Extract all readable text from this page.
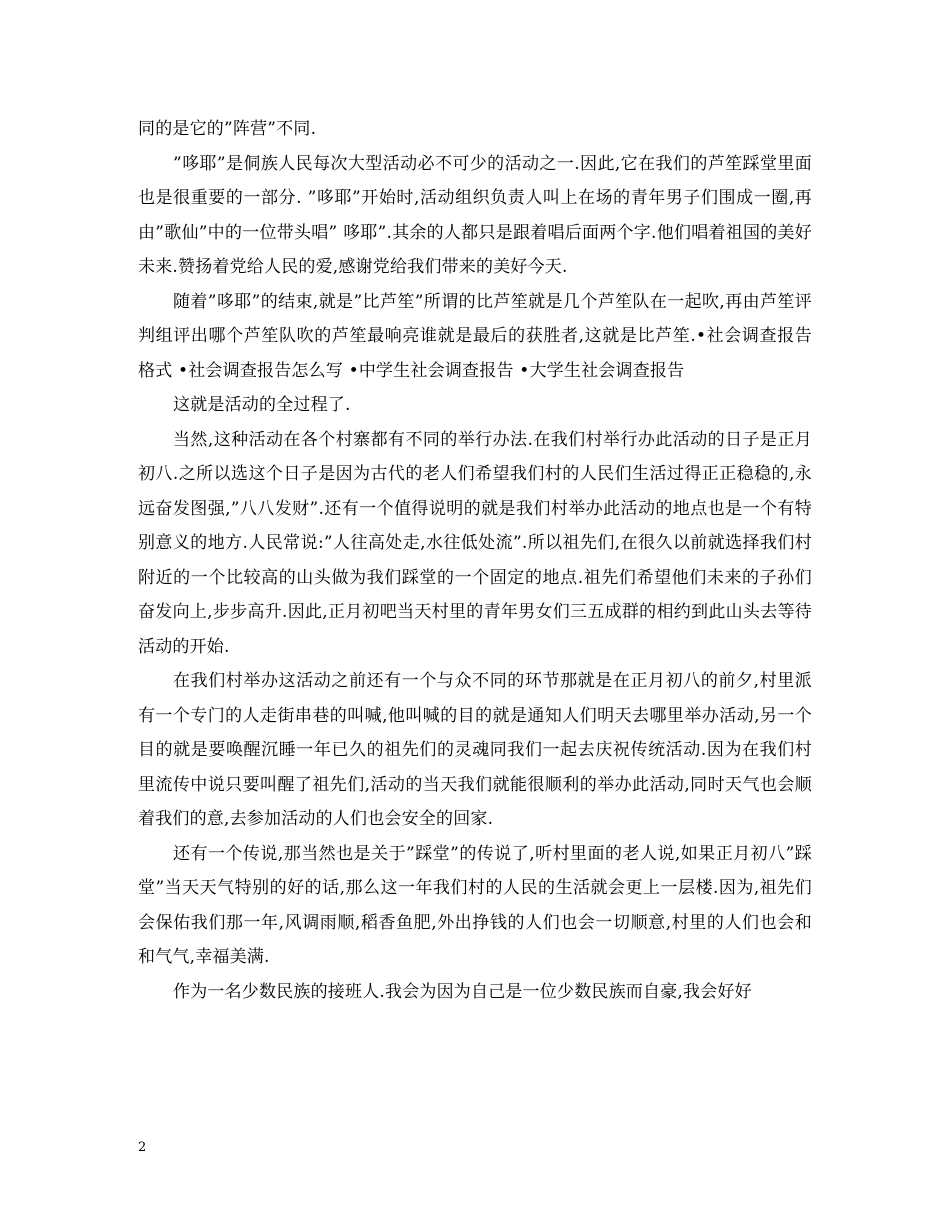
同的是它的”阵营”不同.

”哆耶”是侗族人民每次大型活动必不可少的活动之一.因此,它在我们的芦笙踩堂里面也是很重要的一部分. ”哆耶”开始时,活动组织负责人叫上在场的青年男子们围成一圈,再由”歌仙”中的一位带头唱” 哆耶”.其余的人都只是跟着唱后面两个字.他们唱着祖国的美好未来.赞扬着党给人民的爱,感谢党给我们带来的美好今天.

随着”哆耶”的结束,就是”比芦笙”所谓的比芦笙就是几个芦笙队在一起吹,再由芦笙评判组评出哪个芦笙队吹的芦笙最响亮谁就是最后的获胜者,这就是比芦笙.•社会调查报告格式 •社会调查报告怎么写 •中学生社会调查报告 •大学生社会调查报告

这就是活动的全过程了.

当然,这种活动在各个村寨都有不同的举行办法.在我们村举行办此活动的日子是正月初八.之所以选这个日子是因为古代的老人们希望我们村的人民们生活过得正正稳稳的,永远奋发图强,”八八发财”.还有一个值得说明的就是我们村举办此活动的地点也是一个有特别意义的地方.人民常说:”人往高处走,水往低处流”.所以祖先们,在很久以前就选择我们村附近的一个比较高的山头做为我们踩堂的一个固定的地点.祖先们希望他们未来的子孙们奋发向上,步步高升.因此,正月初吧当天村里的青年男女们三五成群的相约到此山头去等待活动的开始.

在我们村举办这活动之前还有一个与众不同的环节那就是在正月初八的前夕,村里派有一个专门的人走街串巷的叫喊,他叫喊的目的就是通知人们明天去哪里举办活动,另一个目的就是要唤醒沉睡一年已久的祖先们的灵魂同我们一起去庆祝传统活动.因为在我们村里流传中说只要叫醒了祖先们,活动的当天我们就能很顺利的举办此活动,同时天气也会顺着我们的意,去参加活动的人们也会安全的回家.

还有一个传说,那当然也是关于”踩堂”的传说了,听村里面的老人说,如果正月初八”踩堂”当天天气特别的好的话,那么这一年我们村的人民的生活就会更上一层楼.因为,祖先们会保佑我们那一年,风调雨顺,稻香鱼肥,外出挣钱的人们也会一切顺意,村里的人们也会和和气气,幸福美满.

作为一名少数民族的接班人.我会为因为自己是一位少数民族而自豪,我会好好

2
